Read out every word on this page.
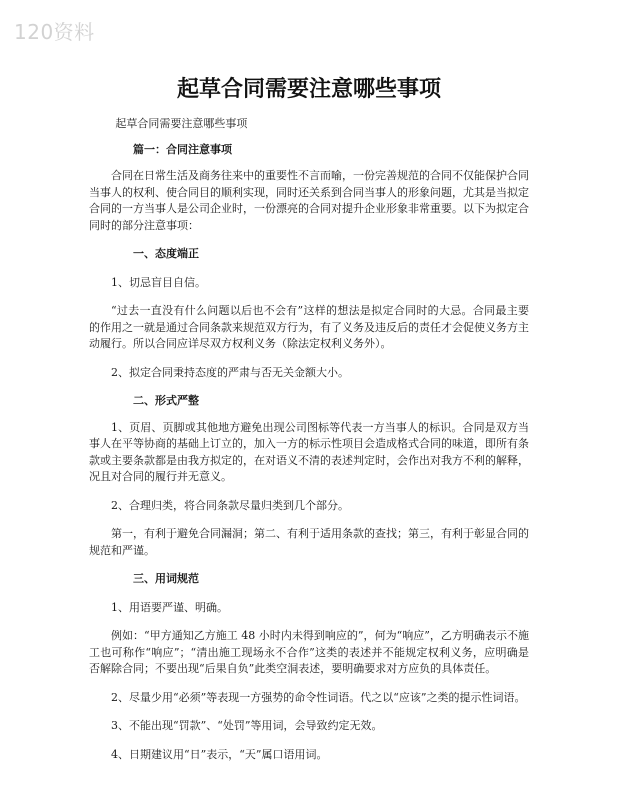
120资料
起草合同需要注意哪些事项

起草合同需要注意哪些事项

篇一：合同注意事项

合同在日常生活及商务往来中的重要性不言而喻，一份完善规范的合同不仅能保护合同当事人的权利、使合同目的顺利实现，同时还关系到合同当事人的形象问题，尤其是当拟定合同的一方当事人是公司企业时，一份漂亮的合同对提升企业形象非常重要。以下为拟定合同时的部分注意事项：

一、态度端正

1、切忌盲目自信。

“过去一直没有什么问题以后也不会有”这样的想法是拟定合同时的大忌。合同最主要的作用之一就是通过合同条款来规范双方行为，有了义务及违反后的责任才会促使义务方主动履行。所以合同应详尽双方权利义务（除法定权利义务外）。

2、拟定合同秉持态度的严肃与否无关金额大小。

二、形式严整

1、页眉、页脚或其他地方避免出现公司图标等代表一方当事人的标识。合同是双方当事人在平等协商的基础上订立的，加入一方的标示性项目会造成格式合同的味道，即所有条款或主要条款都是由我方拟定的，在对语义不清的表述判定时，会作出对我方不利的解释，况且对合同的履行并无意义。

2、合理归类，将合同条款尽量归类到几个部分。

第一，有利于避免合同漏洞；第二、有利于适用条款的查找；第三，有利于彰显合同的规范和严谨。

三、用词规范

1、用语要严谨、明确。

例如：“甲方通知乙方施工 48 小时内未得到响应的”，何为“响应”，乙方明确表示不施工也可称作“响应”；“清出施工现场永不合作”这类的表述并不能规定权利义务，应明确是否解除合同；不要出现“后果自负”此类空洞表述，要明确要求对方应负的具体责任。

2、尽量少用“必须”等表现一方强势的命令性词语。代之以“应该”之类的提示性词语。

3、不能出现“罚款”、“处罚”等用词，会导致约定无效。

4、日期建议用“日”表示，“天”属口语用词。
